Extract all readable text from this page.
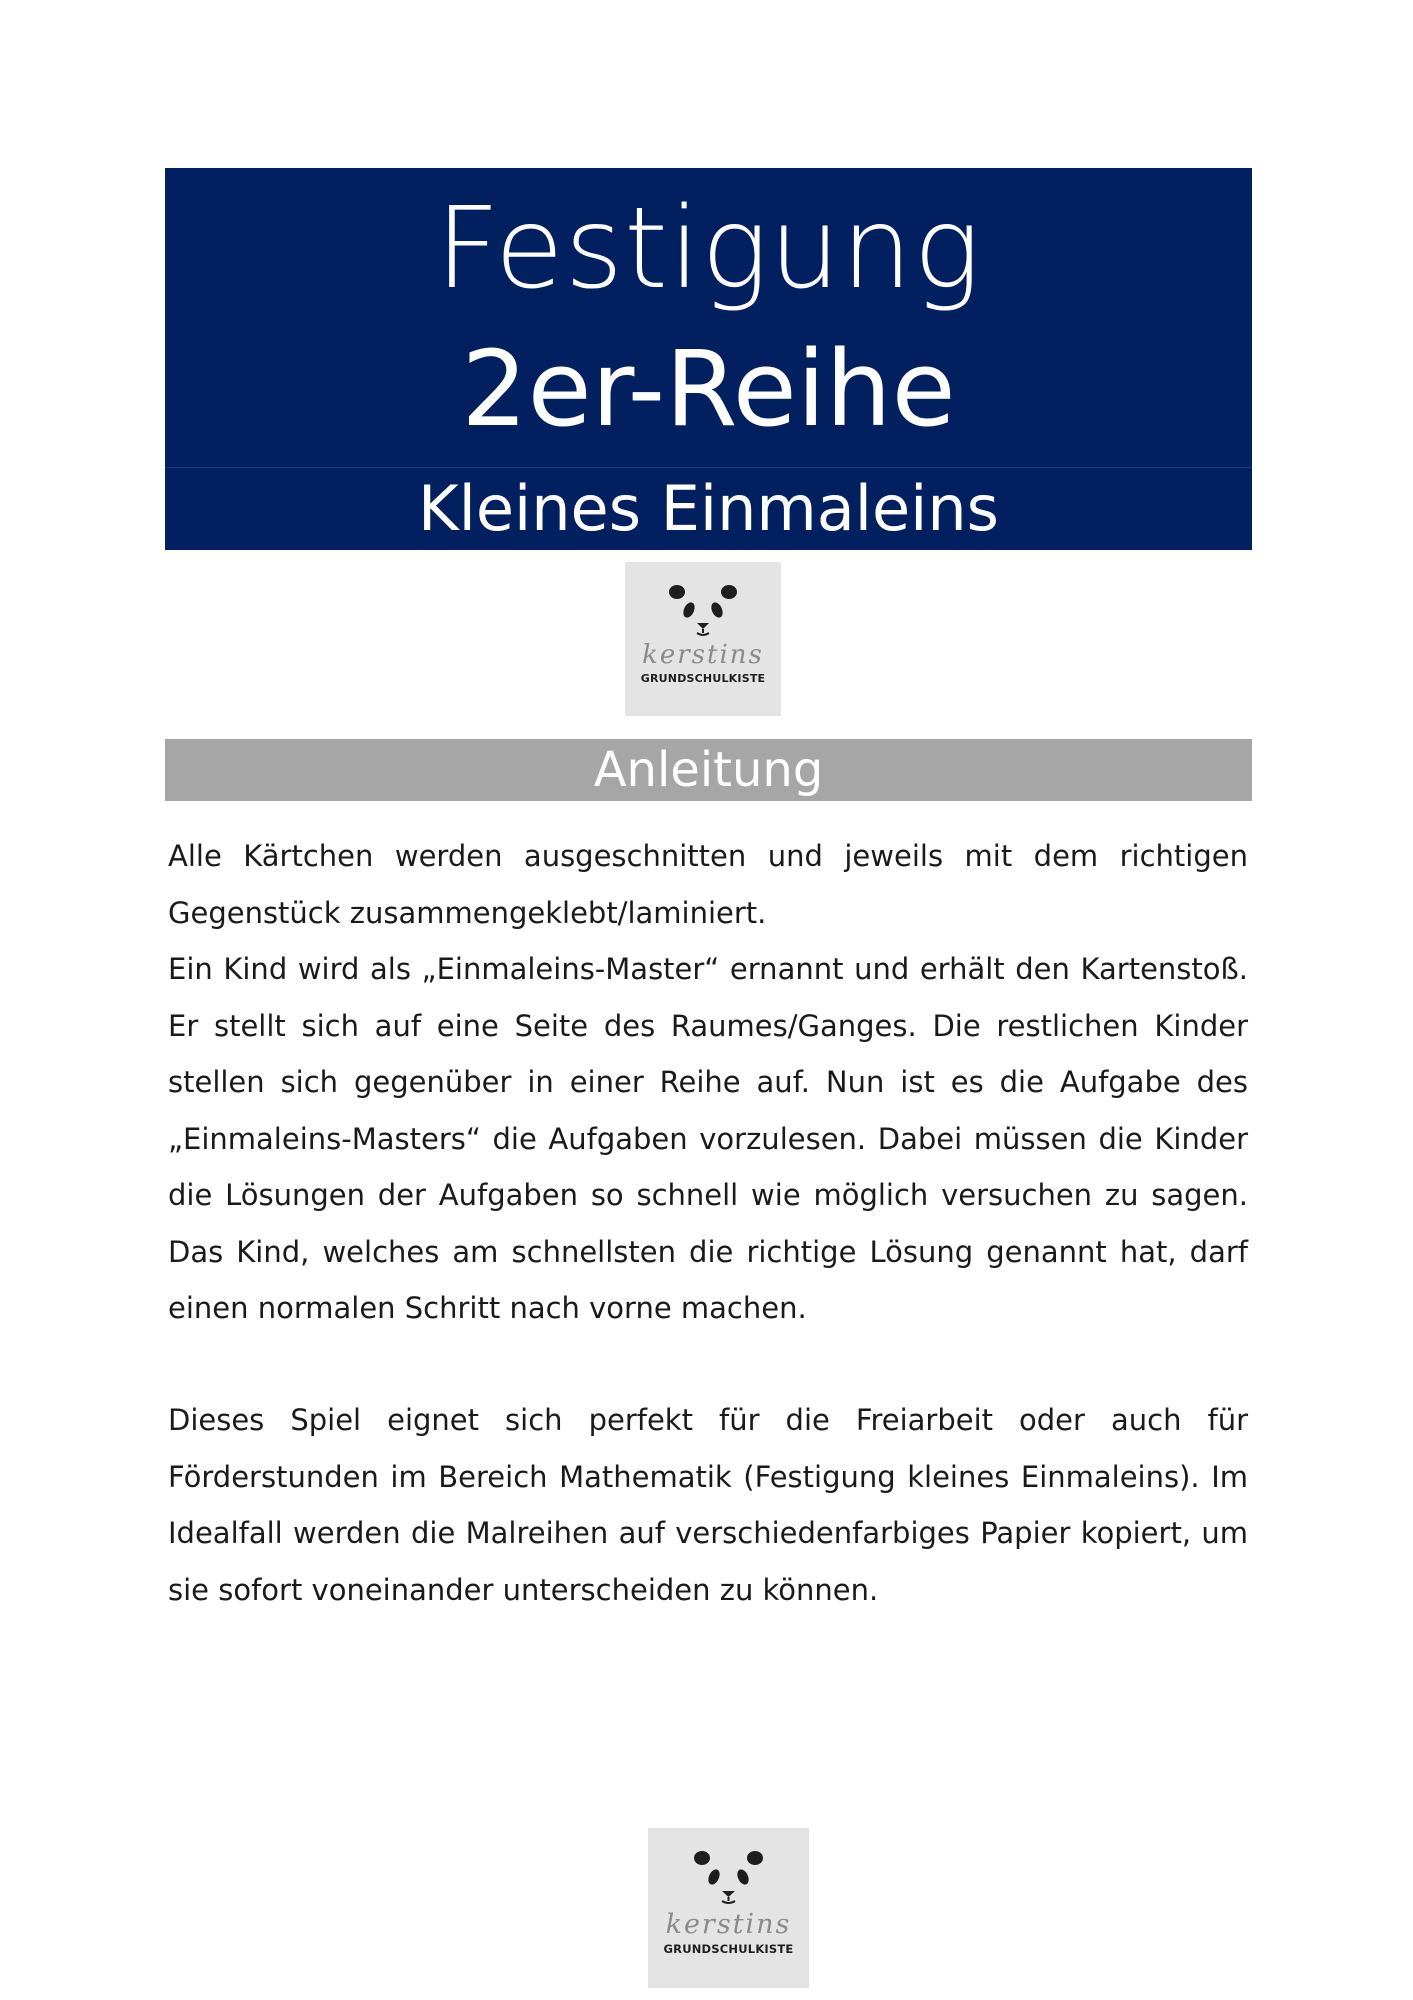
Festigung
2er-Reihe
Kleines Einmaleins
kerstins
GRUNDSCHULKISTE
Anleitung

Alle Kärtchen werden ausgeschnitten und jeweils mit dem richtigen Gegenstück zusammengeklebt/laminiert.

Ein Kind wird als „Einmaleins-Master“ ernannt und erhält den Kartenstoß. Er stellt sich auf eine Seite des Raumes/Ganges. Die restlichen Kinder stellen sich gegenüber in einer Reihe auf. Nun ist es die Aufgabe des „Einmaleins-Masters“ die Aufgaben vorzulesen. Dabei müssen die Kinder die Lösungen der Aufgaben so schnell wie möglich versuchen zu sagen. Das Kind, welches am schnellsten die richtige Lösung genannt hat, darf einen normalen Schritt nach vorne machen.

Dieses Spiel eignet sich perfekt für die Freiarbeit oder auch für Förderstunden im Bereich Mathematik (Festigung kleines Einmaleins). Im Idealfall werden die Malreihen auf verschiedenfarbiges Papier kopiert, um sie sofort voneinander unterscheiden zu können.

kerstins
GRUNDSCHULKISTE
